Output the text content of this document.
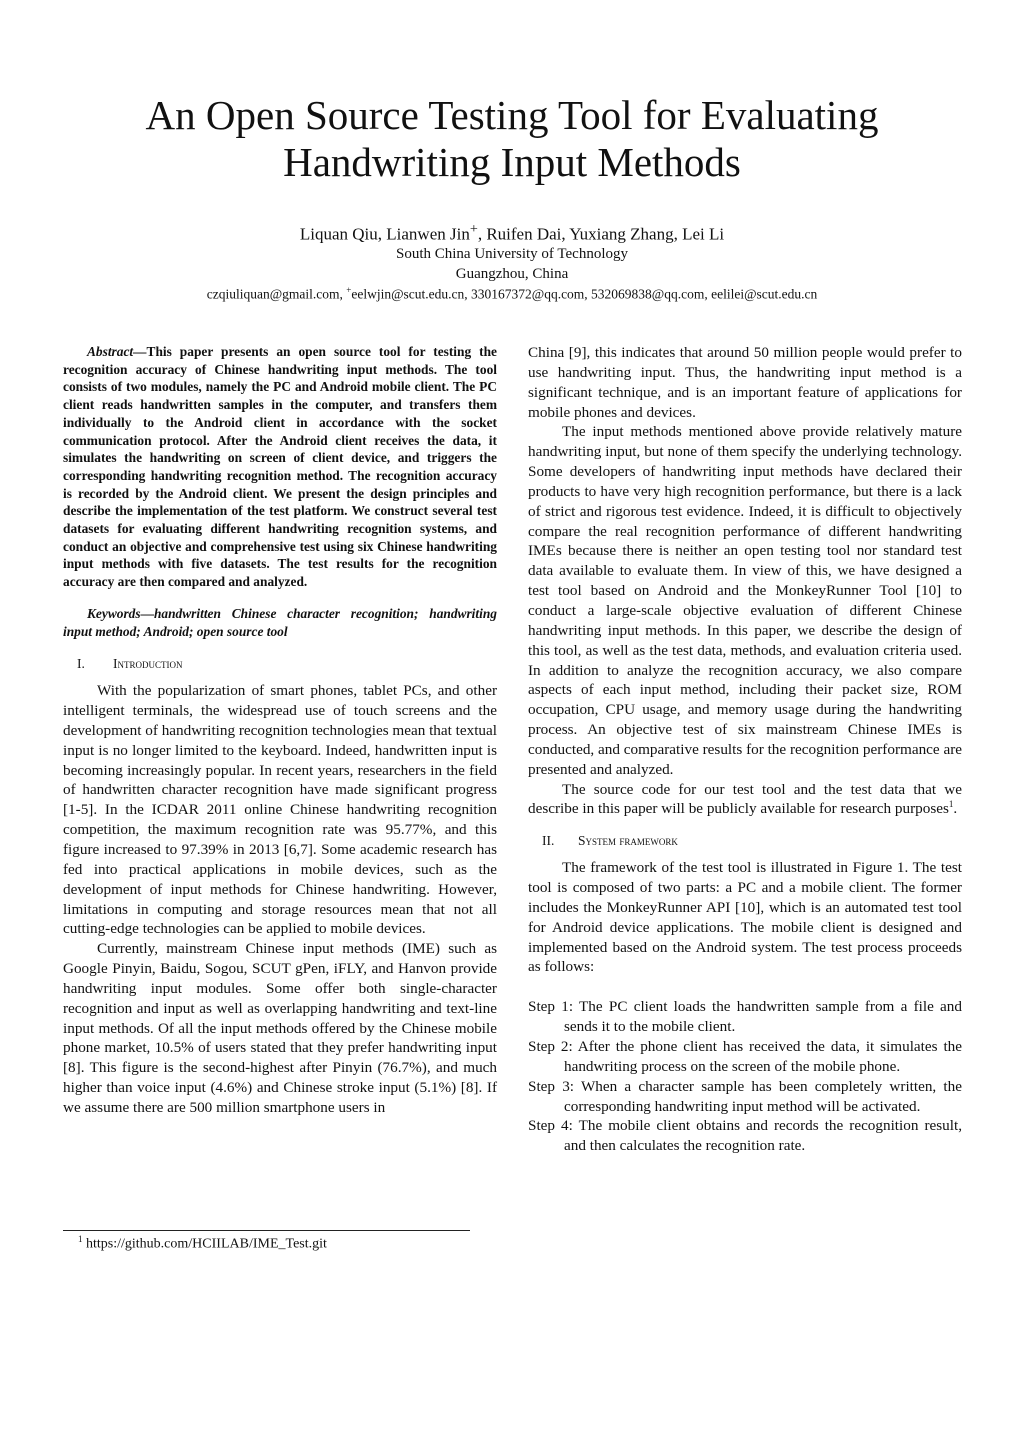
An Open Source Testing Tool for Evaluating
Handwriting Input Methods
Liquan Qiu, Lianwen Jin+, Ruifen Dai, Yuxiang Zhang, Lei Li
South China University of Technology
Guangzhou, China
czqiuliquan@gmail.com, +eelwjin@scut.edu.cn, 330167372@qq.com, 532069838@qq.com, eelilei@scut.edu.cn

Abstract—This paper presents an open source tool for testing the recognition accuracy of Chinese handwriting input methods. The tool consists of two modules, namely the PC and Android mobile client. The PC client reads handwritten samples in the computer, and transfers them individually to the Android client in accordance with the socket communication protocol. After the Android client receives the data, it simulates the handwriting on screen of client device, and triggers the corresponding handwriting recognition method. The recognition accuracy is recorded by the Android client. We present the design principles and describe the implementation of the test platform. We construct several test datasets for evaluating different handwriting recognition systems, and conduct an objective and comprehensive test using six Chinese handwriting input methods with five datasets. The test results for the recognition accuracy are then compared and analyzed.

Keywords—handwritten Chinese character recognition; handwriting input method; Android; open source tool

I. Introduction

With the popularization of smart phones, tablet PCs, and other intelligent terminals, the widespread use of touch screens and the development of handwriting recognition technologies mean that textual input is no longer limited to the keyboard. Indeed, handwritten input is becoming increasingly popular. In recent years, researchers in the field of handwritten character recognition have made significant progress [1-5]. In the ICDAR 2011 online Chinese handwriting recognition competition, the maximum recognition rate was 95.77%, and this figure increased to 97.39% in 2013 [6,7]. Some academic research has fed into practical applications in mobile devices, such as the development of input methods for Chinese handwriting. However, limitations in computing and storage resources mean that not all cutting-edge technologies can be applied to mobile devices.

Currently, mainstream Chinese input methods (IME) such as Google Pinyin, Baidu, Sogou, SCUT gPen, iFLY, and Hanvon provide handwriting input modules. Some offer both single-character recognition and input as well as overlapping handwriting and text-line input methods. Of all the input methods offered by the Chinese mobile phone market, 10.5% of users stated that they prefer handwriting input [8]. This figure is the second-highest after Pinyin (76.7%), and much higher than voice input (4.6%) and Chinese stroke input (5.1%) [8]. If we assume there are 500 million smartphone users in

China [9], this indicates that around 50 million people would prefer to use handwriting input. Thus, the handwriting input method is a significant technique, and is an important feature of applications for mobile phones and devices.

The input methods mentioned above provide relatively mature handwriting input, but none of them specify the underlying technology. Some developers of handwriting input methods have declared their products to have very high recognition performance, but there is a lack of strict and rigorous test evidence. Indeed, it is difficult to objectively compare the real recognition performance of different handwriting IMEs because there is neither an open testing tool nor standard test data available to evaluate them. In view of this, we have designed a test tool based on Android and the MonkeyRunner Tool [10] to conduct a large-scale objective evaluation of different Chinese handwriting input methods. In this paper, we describe the design of this tool, as well as the test data, methods, and evaluation criteria used. In addition to analyze the recognition accuracy, we also compare aspects of each input method, including their packet size, ROM occupation, CPU usage, and memory usage during the handwriting process. An objective test of six mainstream Chinese IMEs is conducted, and comparative results for the recognition performance are presented and analyzed.

The source code for our test tool and the test data that we describe in this paper will be publicly available for research purposes$^1$.

II. System framework

The framework of the test tool is illustrated in Figure 1. The test tool is composed of two parts: a PC and a mobile client. The former includes the MonkeyRunner API [10], which is an automated test tool for Android device applications. The mobile client is designed and implemented based on the Android system. The test process proceeds as follows:

Step 1: The PC client loads the handwritten sample from a file and sends it to the mobile client.

Step 2: After the phone client has received the data, it simulates the handwriting process on the screen of the mobile phone.

Step 3: When a character sample has been completely written, the corresponding handwriting input method will be activated.

Step 4: The mobile client obtains and records the recognition result, and then calculates the recognition rate.

$^1$ https://github.com/HCIILAB/IME_Test.git
